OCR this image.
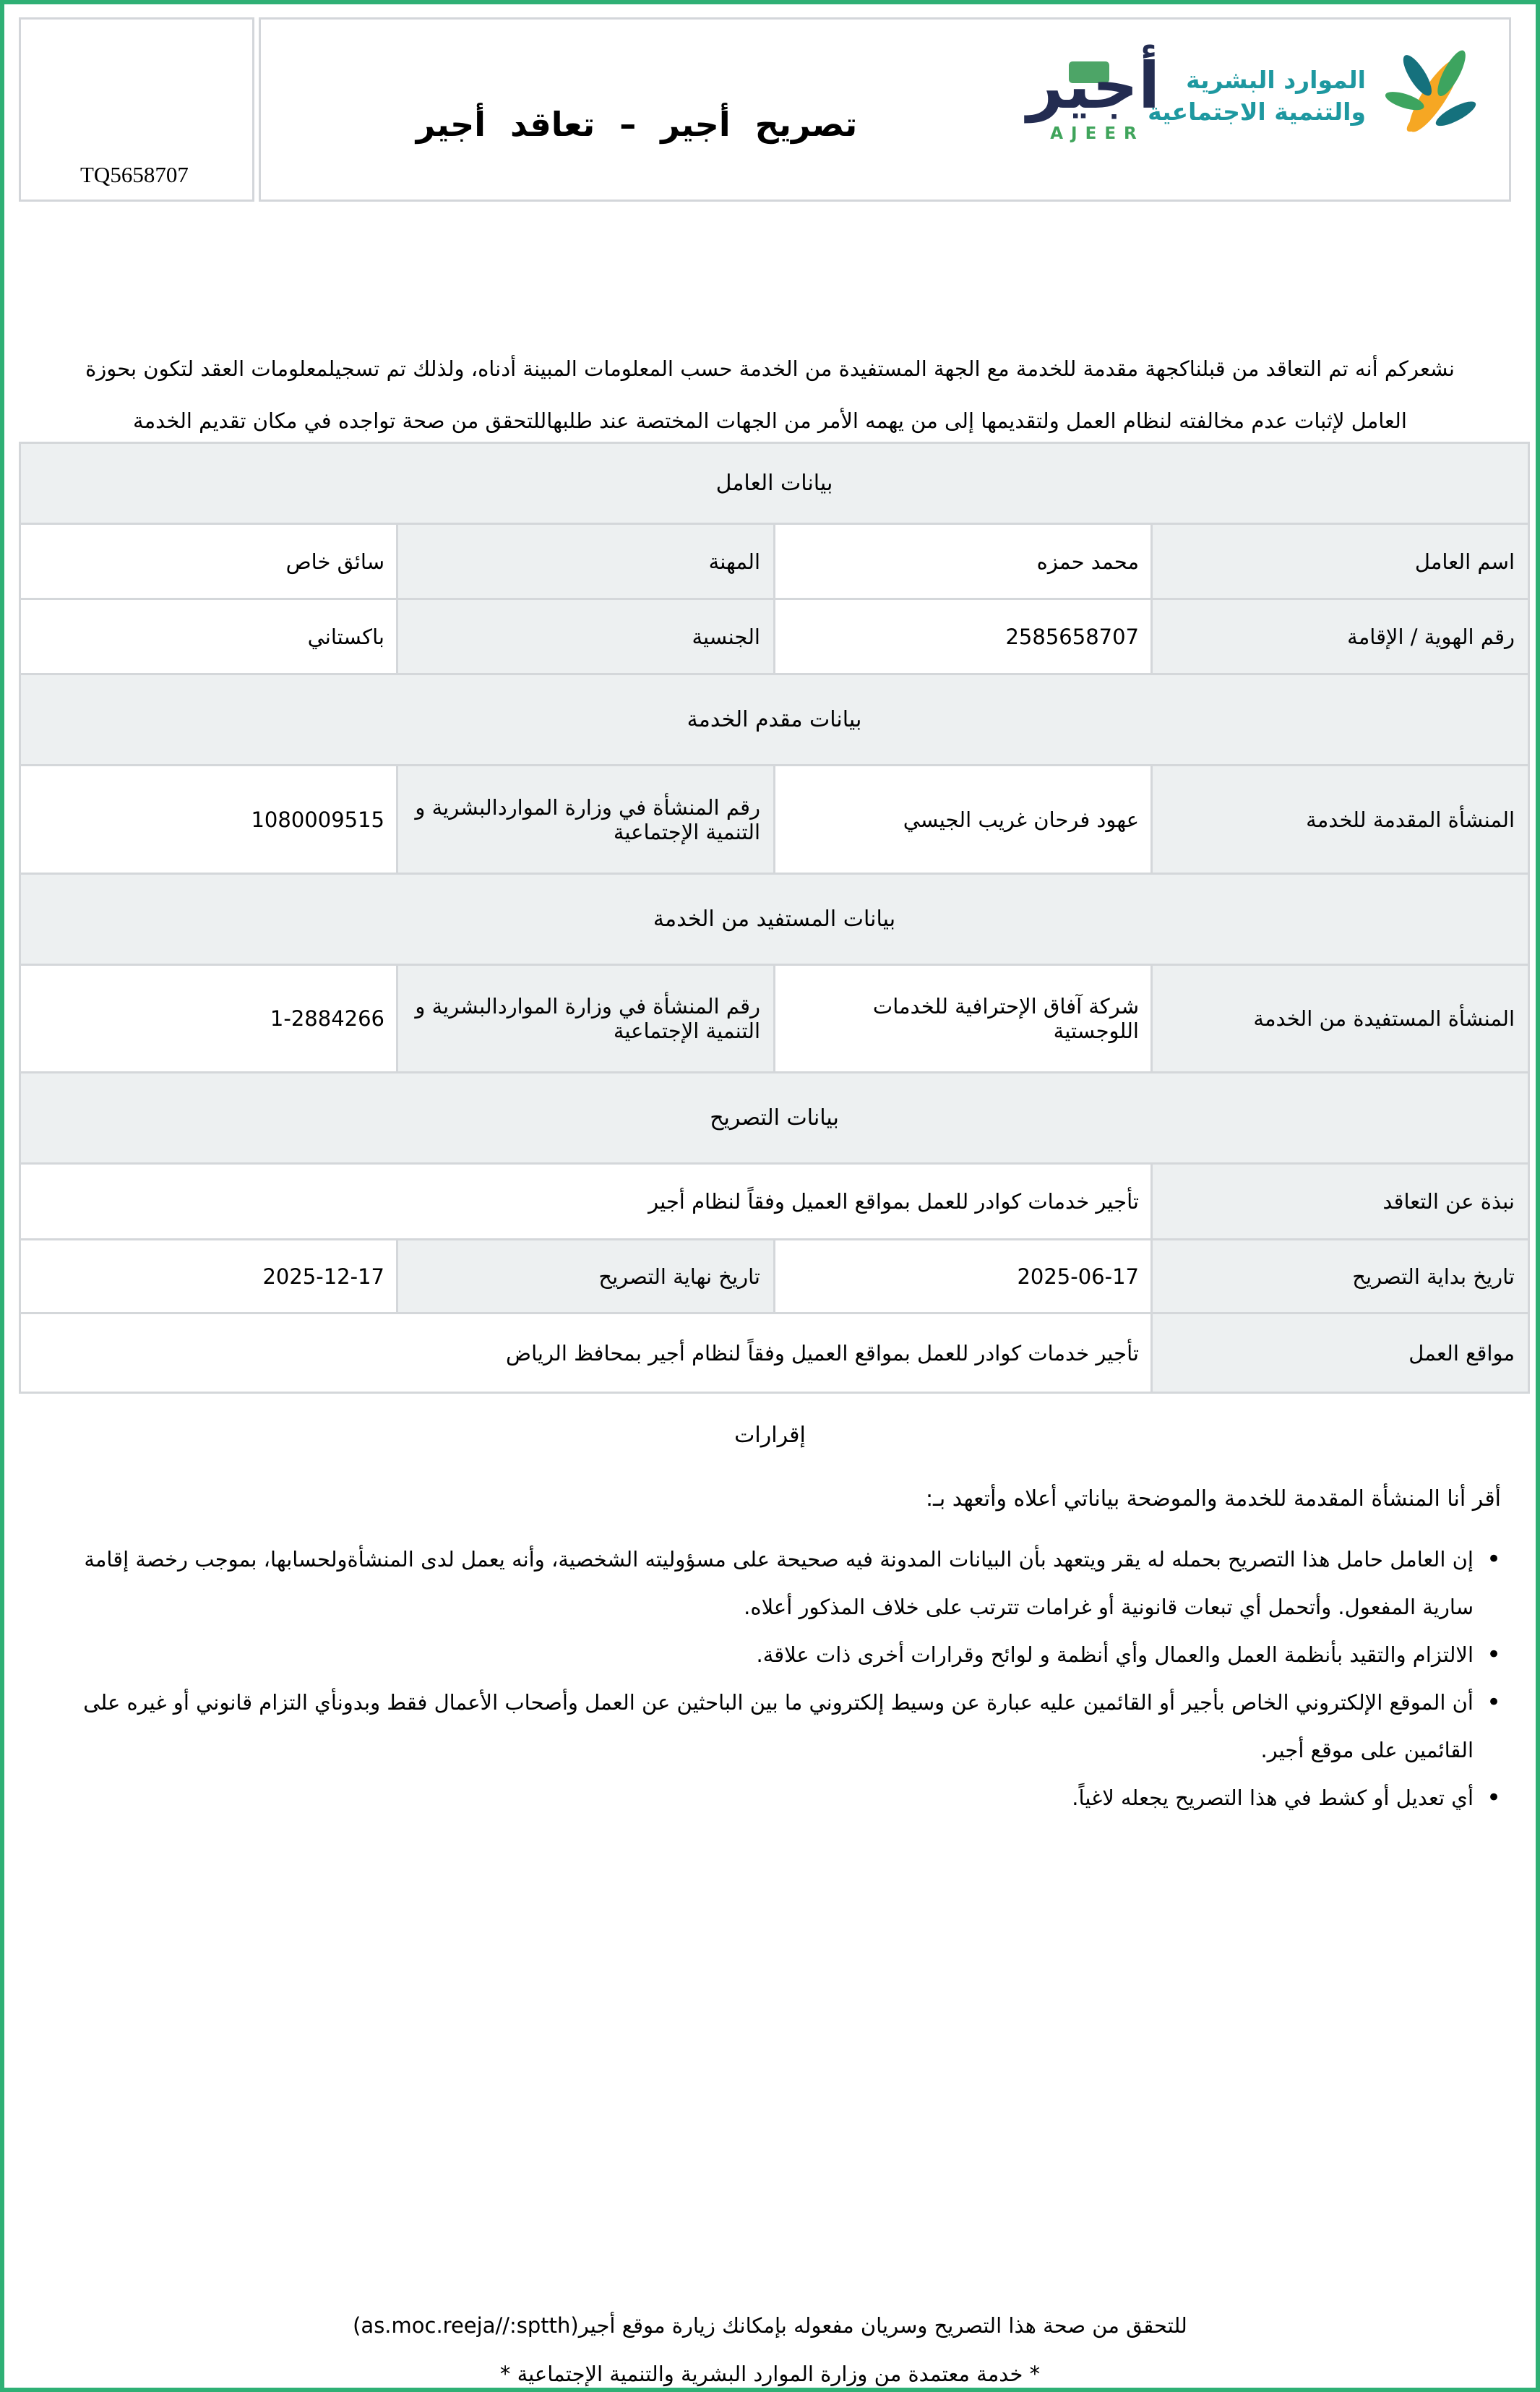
TQ5658707
تصريح أجير – تعاقد أجير
أجير
AJEER
الموارد البشرية
والتنمية الاجتماعية
نشعركم أنه تم التعاقد من قبلناكجهة مقدمة للخدمة مع الجهة المستفيدة من الخدمة حسب المعلومات المبينة أدناه، ولذلك تم تسجيلمعلومات العقد لتكون بحوزة
العامل لإثبات عدم مخالفته لنظام العمل ولتقديمها إلى من يهمه الأمر من الجهات المختصة عند طلبهاللتحقق من صحة تواجده في مكان تقديم الخدمة
بيانات العامل			
اسم العامل	محمد حمزه	المهنة	سائق خاص
رقم الهوية / الإقامة	2585658707	الجنسية	باكستاني
بيانات مقدم الخدمة			
المنشأة المقدمة للخدمة	عهود فرحان غريب الجيسي	رقم المنشأة في وزارة المواردالبشرية و التنمية الإجتماعية	1080009515
بيانات المستفيد من الخدمة			
المنشأة المستفيدة من الخدمة	شركة آفاق الإحترافية للخدمات اللوجستية	رقم المنشأة في وزارة المواردالبشرية و التنمية الإجتماعية	1-2884266
بيانات التصريح			
نبذة عن التعاقد	تأجير خدمات كوادر للعمل بمواقع العميل وفقاً لنظام أجير		
تاريخ بداية التصريح	2025-06-17	تاريخ نهاية التصريح	2025-12-17
مواقع العمل	تأجير خدمات كوادر للعمل بمواقع العميل وفقاً لنظام أجير بمحافظ الرياض		
إقرارات
أقر أنا المنشأة المقدمة للخدمة والموضحة بياناتي أعلاه وأتعهد بـ:
• إن العامل حامل هذا التصريح بحمله له يقر ويتعهد بأن البيانات المدونة فيه صحيحة على مسؤوليته الشخصية، وأنه يعمل لدى المنشأةولحسابها، بموجب رخصة إقامة سارية المفعول. وأتحمل أي تبعات قانونية أو غرامات تترتب على خلاف المذكور أعلاه.
• الالتزام والتقيد بأنظمة العمل والعمال وأي أنظمة و لوائح وقرارات أخرى ذات علاقة.
• أن الموقع الإلكتروني الخاص بأجير أو القائمين عليه عبارة عن وسيط إلكتروني ما بين الباحثين عن العمل وأصحاب الأعمال فقط وبدونأي التزام قانوني أو غيره على القائمين على موقع أجير.
• أي تعديل أو كشط في هذا التصريح يجعله لاغياً.
للتحقق من صحة هذا التصريح وسريان مفعوله بإمكانك زيارة موقع أجير(as.moc.reeja//:sptth)
* خدمة معتمدة من وزارة الموارد البشرية والتنمية الإجتماعية *
